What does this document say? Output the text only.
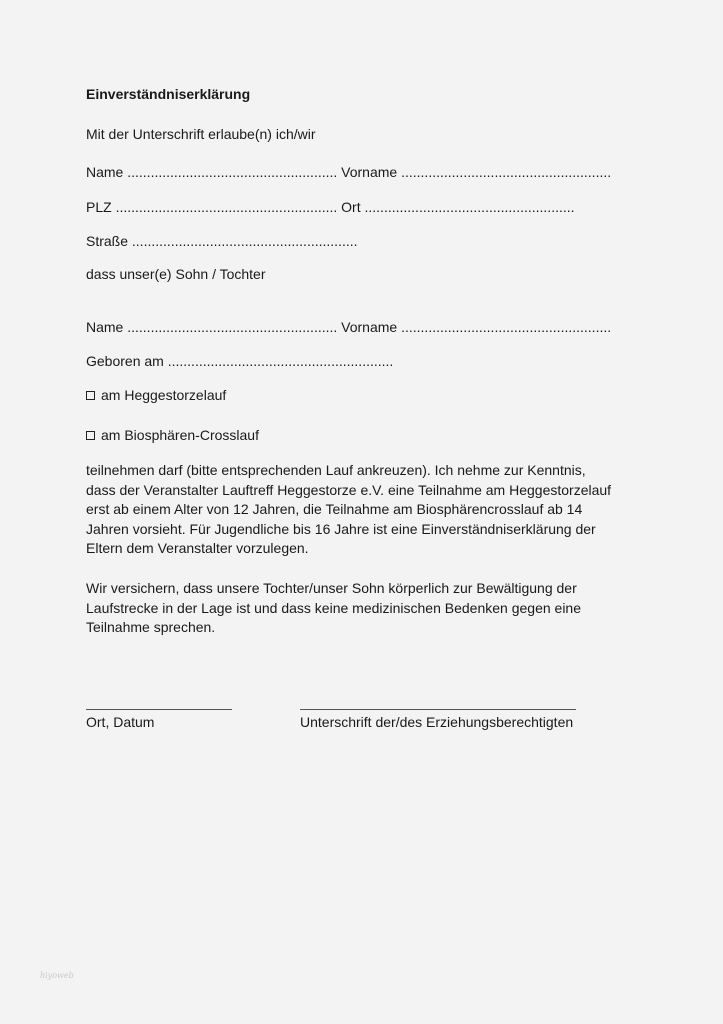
Einverständniserklärung
Mit der Unterschrift erlaube(n) ich/wir
Name ...................................................... Vorname ......................................................
PLZ ......................................................... Ort ......................................................
Straße ..........................................................
dass unser(e) Sohn / Tochter
Name ...................................................... Vorname ......................................................
Geboren am ..........................................................
am Heggestorzelauf
am Biosphären-Crosslauf
teilnehmen darf (bitte entsprechenden Lauf ankreuzen). Ich nehme zur Kenntnis,
dass der Veranstalter Lauftreff Heggestorze e.V. eine Teilnahme am Heggestorzelauf
erst ab einem Alter von 12 Jahren, die Teilnahme am Biosphärencrosslauf ab 14
Jahren vorsieht. Für Jugendliche bis 16 Jahre ist eine Einverständniserklärung der
Eltern dem Veranstalter vorzulegen.
Wir versichern, dass unsere Tochter/unser Sohn körperlich zur Bewältigung der
Laufstrecke in der Lage ist und dass keine medizinischen Bedenken gegen eine
Teilnahme sprechen.
Ort, Datum	Unterschrift der/des Erziehungsberechtigten
hiyoweb
